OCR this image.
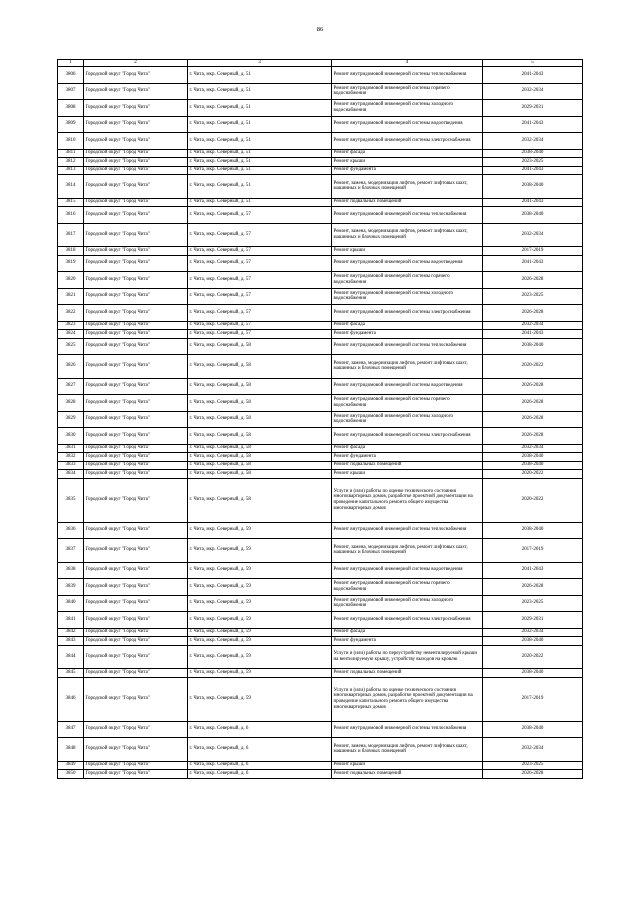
86
1	2	3	4	5
3806	Городской округ "Город Чита"	г. Чита, мкр. Северный, д. 51	Ремонт внутридомовой инженерной системы теплоснабжения	2041-2043
3807	Городской округ "Город Чита"	г. Чита, мкр. Северный, д. 51	Ремонт внутридомовой инженерной системы горячего водоснабжения	2032-2034
3808	Городской округ "Город Чита"	г. Чита, мкр. Северный, д. 51	Ремонт внутридомовой инженерной системы холодного водоснабжения	2029-2031
3809	Городской округ "Город Чита"	г. Чита, мкр. Северный, д. 51	Ремонт внутридомовой инженерной системы водоотведения	2041-2043
3810	Городской округ "Город Чита"	г. Чита, мкр. Северный, д. 51	Ремонт внутридомовой инженерной системы электроснабжения	2032-2034
3811	Городской округ "Город Чита"	г. Чита, мкр. Северный, д. 51	Ремонт фасада	2038-2040
3812	Городской округ "Город Чита"	г. Чита, мкр. Северный, д. 51	Ремонт крыши	2023-2025
3813	Городской округ "Город Чита"	г. Чита, мкр. Северный, д. 51	Ремонт фундамента	2041-2043
3814	Городской округ "Город Чита"	г. Чита, мкр. Северный, д. 51	Ремонт, замена, модернизация лифтов, ремонт лифтовых шахт, машинных и блочных помещений	2038-2040
3815	Городской округ "Город Чита"	г. Чита, мкр. Северный, д. 51	Ремонт подвальных помещений	2041-2043
3816	Городской округ "Город Чита"	г. Чита, мкр. Северный, д. 57	Ремонт внутридомовой инженерной системы теплоснабжения	2038-2040
3817	Городской округ "Город Чита"	г. Чита, мкр. Северный, д. 57	Ремонт, замена, модернизация лифтов, ремонт лифтовых шахт, машинных и блочных помещений	2032-2034
3818	Городской округ "Город Чита"	г. Чита, мкр. Северный, д. 57	Ремонт крыши	2017-2019
3819	Городской округ "Город Чита"	г. Чита, мкр. Северный, д. 57	Ремонт внутридомовой инженерной системы водоотведения	2041-2043
3820	Городской округ "Город Чита"	г. Чита, мкр. Северный, д. 57	Ремонт внутридомовой инженерной системы горячего водоснабжения	2026-2028
3821	Городской округ "Город Чита"	г. Чита, мкр. Северный, д. 57	Ремонт внутридомовой инженерной системы холодного водоснабжения	2023-2025
3822	Городской округ "Город Чита"	г. Чита, мкр. Северный, д. 57	Ремонт внутридомовой инженерной системы электроснабжения	2026-2028
3823	Городской округ "Город Чита"	г. Чита, мкр. Северный, д. 57	Ремонт фасада	2032-2034
3824	Городской округ "Город Чита"	г. Чита, мкр. Северный, д. 57	Ремонт фундамента	2041-2043
3825	Городской округ "Город Чита"	г. Чита, мкр. Северный, д. 58	Ремонт внутридомовой инженерной системы теплоснабжения	2038-2040
3826	Городской округ "Город Чита"	г. Чита, мкр. Северный, д. 58	Ремонт, замена, модернизация лифтов, ремонт лифтовых шахт, машинных и блочных помещений	2020-2022
3827	Городской округ "Город Чита"	г. Чита, мкр. Северный, д. 58	Ремонт внутридомовой инженерной системы водоотведения	2026-2028
3828	Городской округ "Город Чита"	г. Чита, мкр. Северный, д. 58	Ремонт внутридомовой инженерной системы горячего водоснабжения	2026-2028
3829	Городской округ "Город Чита"	г. Чита, мкр. Северный, д. 58	Ремонт внутридомовой инженерной системы холодного водоснабжения	2026-2028
3830	Городской округ "Город Чита"	г. Чита, мкр. Северный, д. 58	Ремонт внутридомовой инженерной системы электроснабжения	2026-2028
3831	Городской округ "Город Чита"	г. Чита, мкр. Северный, д. 58	Ремонт фасада	2032-2034
3832	Городской округ "Город Чита"	г. Чита, мкр. Северный, д. 58	Ремонт фундамента	2038-2040
3833	Городской округ "Город Чита"	г. Чита, мкр. Северный, д. 58	Ремонт подвальных помещений	2038-2040
3834	Городской округ "Город Чита"	г. Чита, мкр. Северный, д. 58	Ремонт крыши	2020-2022
3835	Городской округ "Город Чита"	г. Чита, мкр. Северный, д. 58	Услуги и (или) работы по оценке технического состояния многоквартирных домов, разработке проектной документации на проведение капитального ремонта общего имущества многоквартирных домов	2020-2022
3836	Городской округ "Город Чита"	г. Чита, мкр. Северный, д. 59	Ремонт внутридомовой инженерной системы теплоснабжения	2038-2040
3837	Городской округ "Город Чита"	г. Чита, мкр. Северный, д. 59	Ремонт, замена, модернизация лифтов, ремонт лифтовых шахт, машинных и блочных помещений	2017-2019
3838	Городской округ "Город Чита"	г. Чита, мкр. Северный, д. 59	Ремонт внутридомовой инженерной системы водоотведения	2041-2043
3839	Городской округ "Город Чита"	г. Чита, мкр. Северный, д. 59	Ремонт внутридомовой инженерной системы горячего водоснабжения	2026-2028
3840	Городской округ "Город Чита"	г. Чита, мкр. Северный, д. 59	Ремонт внутридомовой инженерной системы холодного водоснабжения	2023-2025
3841	Городской округ "Город Чита"	г. Чита, мкр. Северный, д. 59	Ремонт внутридомовой инженерной системы электроснабжения	2029-2031
3842	Городской округ "Город Чита"	г. Чита, мкр. Северный, д. 59	Ремонт фасада	2032-2034
3843	Городской округ "Город Чита"	г. Чита, мкр. Северный, д. 59	Ремонт фундамента	2038-2040
3844	Городской округ "Город Чита"	г. Чита, мкр. Северный, д. 59	Услуги и (или) работы по переустройству невентилируемой крыши на вентилируемую крышу, устройству выходов на кровлю	2020-2022
3845	Городской округ "Город Чита"	г. Чита, мкр. Северный, д. 59	Ремонт подвальных помещений	2038-2040
3846	Городской округ "Город Чита"	г. Чита, мкр. Северный, д. 59	Услуги и (или) работы по оценке технического состояния многоквартирных домов, разработке проектной документации на проведение капитального ремонта общего имущества многоквартирных домов	2017-2019
3847	Городской округ "Город Чита"	г. Чита, мкр. Северный, д. 6	Ремонт внутридомовой инженерной системы теплоснабжения	2038-2040
3848	Городской округ "Город Чита"	г. Чита, мкр. Северный, д. 6	Ремонт, замена, модернизация лифтов, ремонт лифтовых шахт, машинных и блочных помещений	2032-2034
3849	Городской округ "Город Чита"	г. Чита, мкр. Северный, д. 6	Ремонт крыши	2023-2025
3850	Городской округ "Город Чита"	г. Чита, мкр. Северный, д. 6	Ремонт подвальных помещений	2026-2028
